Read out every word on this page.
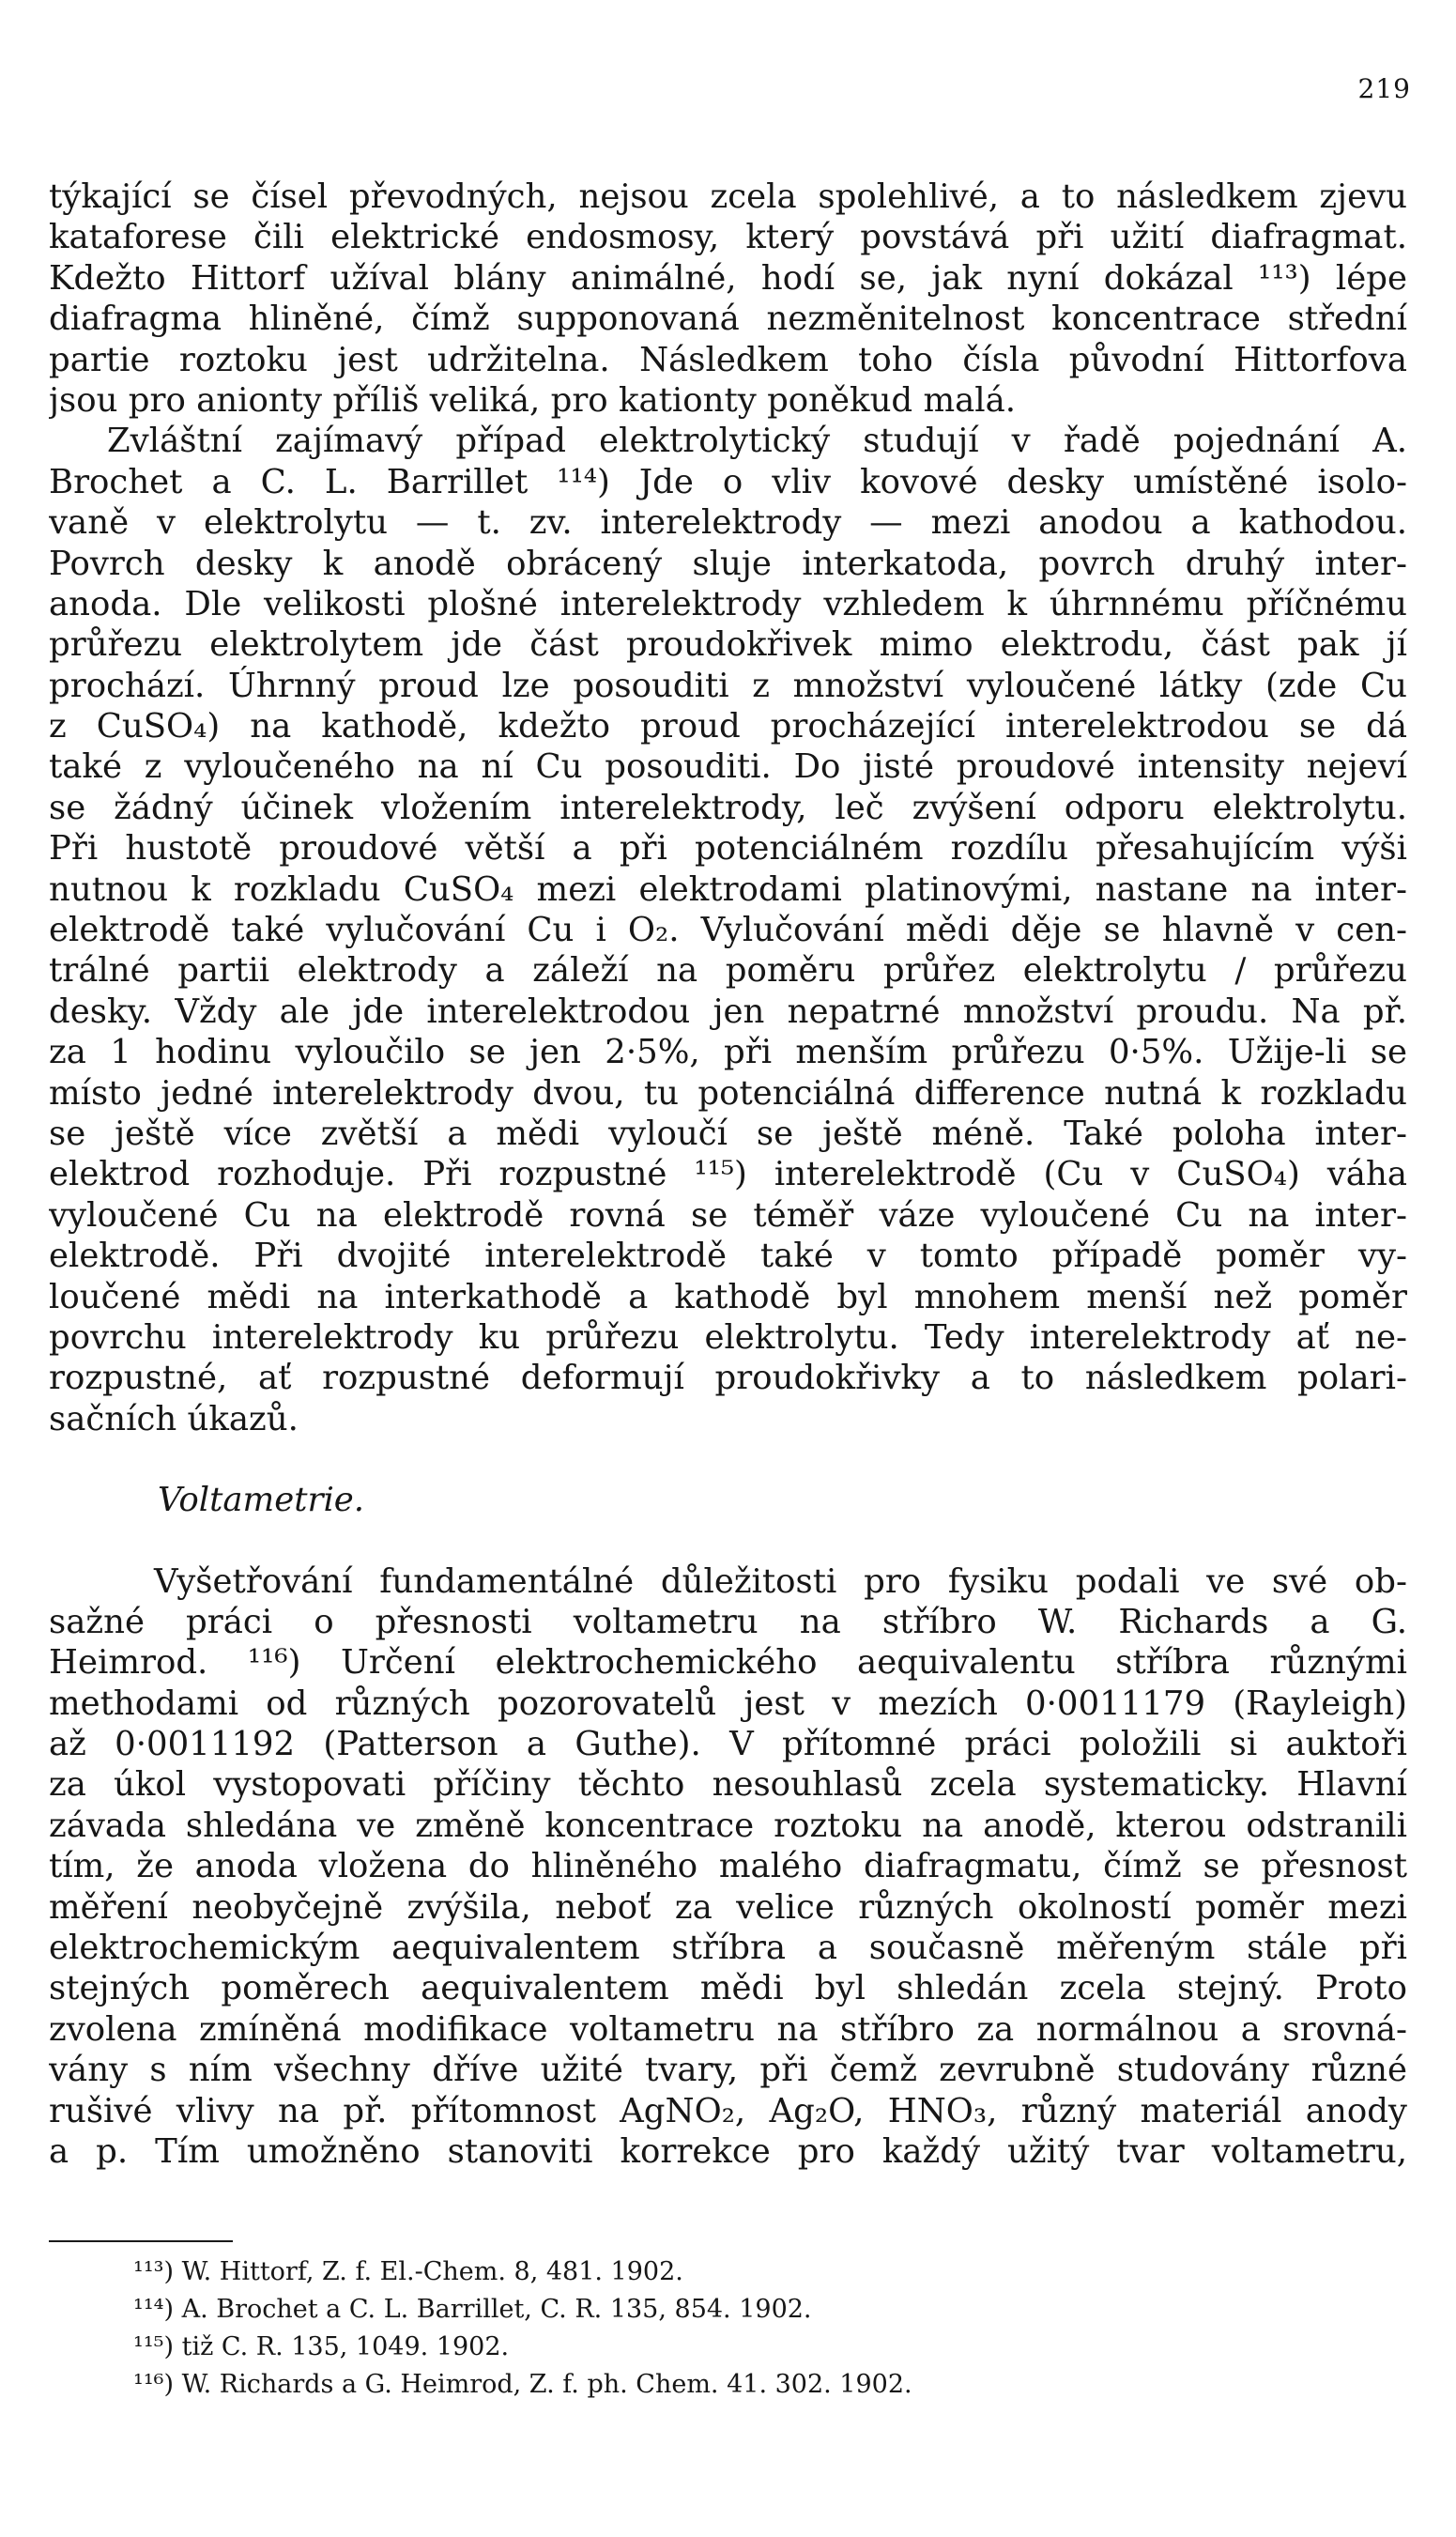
219
týkající se čísel převodných, nejsou zcela spolehlivé, a to následkem zjevu
kataforese čili elektrické endosmosy, který povstává při užití diafragmat.
Kdežto Hittorf užíval blány animálné, hodí se, jak nyní dokázal ¹¹³) lépe
diafragma hliněné, čímž supponovaná nezměnitelnost koncentrace střední
partie roztoku jest udržitelna. Následkem toho čísla původní Hittorfova
jsou pro anionty příliš veliká, pro kationty poněkud malá.
Zvláštní zajímavý případ elektrolytický studují v řadě pojednání A.
Brochet a C. L. Barrillet ¹¹⁴) Jde o vliv kovové desky umístěné isolo-
vaně v elektrolytu — t. zv. interelektrody — mezi anodou a kathodou.
Povrch desky k anodě obrácený sluje interkatoda, povrch druhý inter-
anoda. Dle velikosti plošné interelektrody vzhledem k úhrnnému příčnému
průřezu elektrolytem jde část proudokřivek mimo elektrodu, část pak jí
prochází. Úhrnný proud lze posouditi z množství vyloučené látky (zde Cu
z CuSO₄) na kathodě, kdežto proud procházející interelektrodou se dá
také z vyloučeného na ní Cu posouditi. Do jisté proudové intensity nejeví
se žádný účinek vložením interelektrody, leč zvýšení odporu elektrolytu.
Při hustotě proudové větší a při potenciálném rozdílu přesahujícím výši
nutnou k rozkladu CuSO₄ mezi elektrodami platinovými, nastane na inter-
elektrodě také vylučování Cu i O₂. Vylučování mědi děje se hlavně v cen-
trálné partii elektrody a záleží na poměru průřez elektrolytu / průřezu
desky. Vždy ale jde interelektrodou jen nepatrné množství proudu. Na př.
za 1 hodinu vyloučilo se jen 2·5%, při menším průřezu 0·5%. Užije-li se
místo jedné interelektrody dvou, tu potenciálná difference nutná k rozkladu
se ještě více zvětší a mědi vyloučí se ještě méně. Také poloha inter-
elektrod rozhoduje. Při rozpustné ¹¹⁵) interelektrodě (Cu v CuSO₄) váha
vyloučené Cu na elektrodě rovná se téměř váze vyloučené Cu na inter-
elektrodě. Při dvojité interelektrodě také v tomto případě poměr vy-
loučené mědi na interkathodě a kathodě byl mnohem menší než poměr
povrchu interelektrody ku průřezu elektrolytu. Tedy interelektrody ať ne-
rozpustné, ať rozpustné deformují proudokřivky a to následkem polari-
sačních úkazů.
Voltametrie.
Vyšetřování fundamentálné důležitosti pro fysiku podali ve své ob-
sažné práci o přesnosti voltametru na stříbro W. Richards a G.
Heimrod. ¹¹⁶) Určení elektrochemického aequivalentu stříbra různými
methodami od různých pozorovatelů jest v mezích 0·0011179 (Rayleigh)
až 0·0011192 (Patterson a Guthe). V přítomné práci položili si auktoři
za úkol vystopovati příčiny těchto nesouhlasů zcela systematicky. Hlavní
závada shledána ve změně koncentrace roztoku na anodě, kterou odstranili
tím, že anoda vložena do hliněného malého diafragmatu, čímž se přesnost
měření neobyčejně zvýšila, neboť za velice různých okolností poměr mezi
elektrochemickým aequivalentem stříbra a současně měřeným stále při
stejných poměrech aequivalentem mědi byl shledán zcela stejný. Proto
zvolena zmíněná modifikace voltametru na stříbro za normálnou a srovná-
vány s ním všechny dříve užité tvary, při čemž zevrubně studovány různé
rušivé vlivy na př. přítomnost AgNO₂, Ag₂O, HNO₃, různý materiál anody
a p. Tím umožněno stanoviti korrekce pro každý užitý tvar voltametru,
¹¹³) W. Hittorf, Z. f. El.-Chem. 8, 481. 1902.
¹¹⁴) A. Brochet a C. L. Barrillet, C. R. 135, 854. 1902.
¹¹⁵) tiž C. R. 135, 1049. 1902.
¹¹⁶) W. Richards a G. Heimrod, Z. f. ph. Chem. 41. 302. 1902.
